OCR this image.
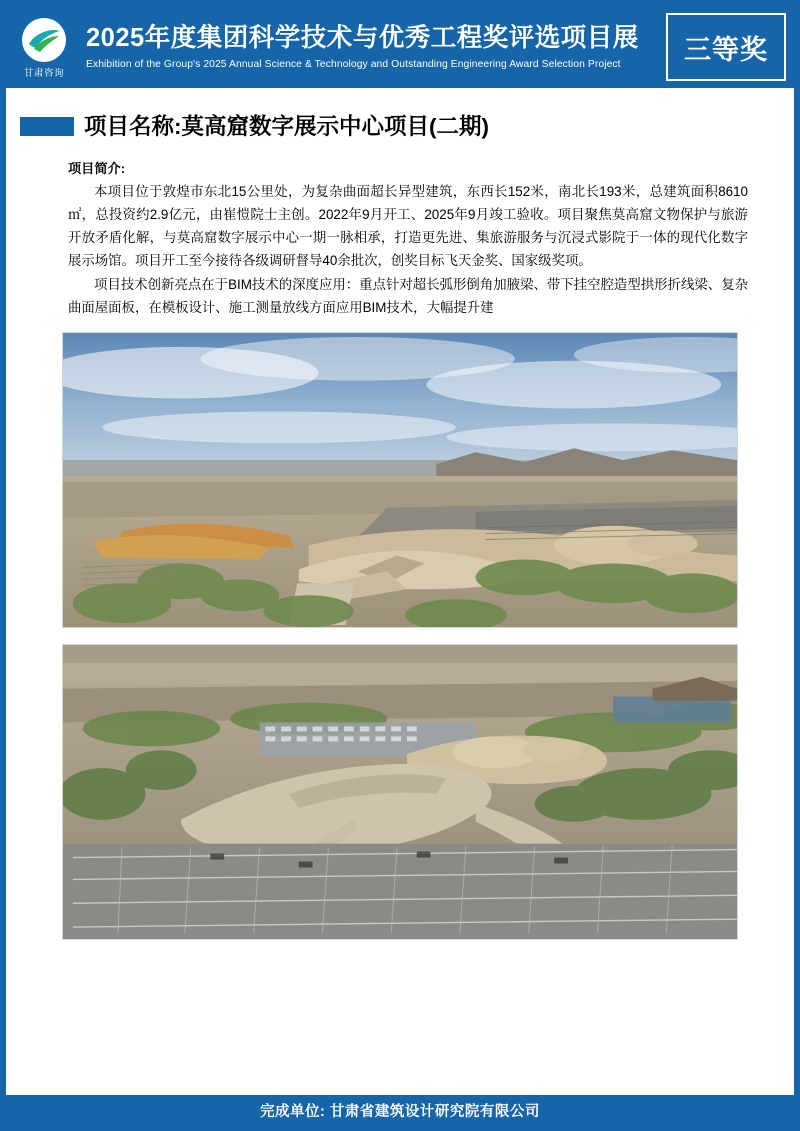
甘肃咨询
2025年度集团科学技术与优秀工程奖评选项目展
Exhibition of the Group's 2025 Annual Science & Technology and Outstanding Engineering Award Selection Project	三等奖
项目名称:莫高窟数字展示中心项目(二期)
项目简介:

本项目位于敦煌市东北15公里处，为复杂曲面超长异型建筑，东西长152米，南北长193米，总建筑面积8610㎡，总投资约2.9亿元，由崔愷院士主创。2022年9月开工、2025年9月竣工验收。项目聚焦莫高窟文物保护与旅游开放矛盾化解，与莫高窟数字展示中心一期一脉相承，打造更先进、集旅游服务与沉浸式影院于一体的现代化数字展示场馆。项目开工至今接待各级调研督导40余批次，创奖目标飞天金奖、国家级奖项。

项目技术创新亮点在于BIM技术的深度应用：重点针对超长弧形倒角加腋梁、带下挂空腔造型拱形折线梁、复杂曲面屋面板，在模板设计、施工测量放线方面应用BIM技术，大幅提升建

完成单位: 甘肃省建筑设计研究院有限公司
